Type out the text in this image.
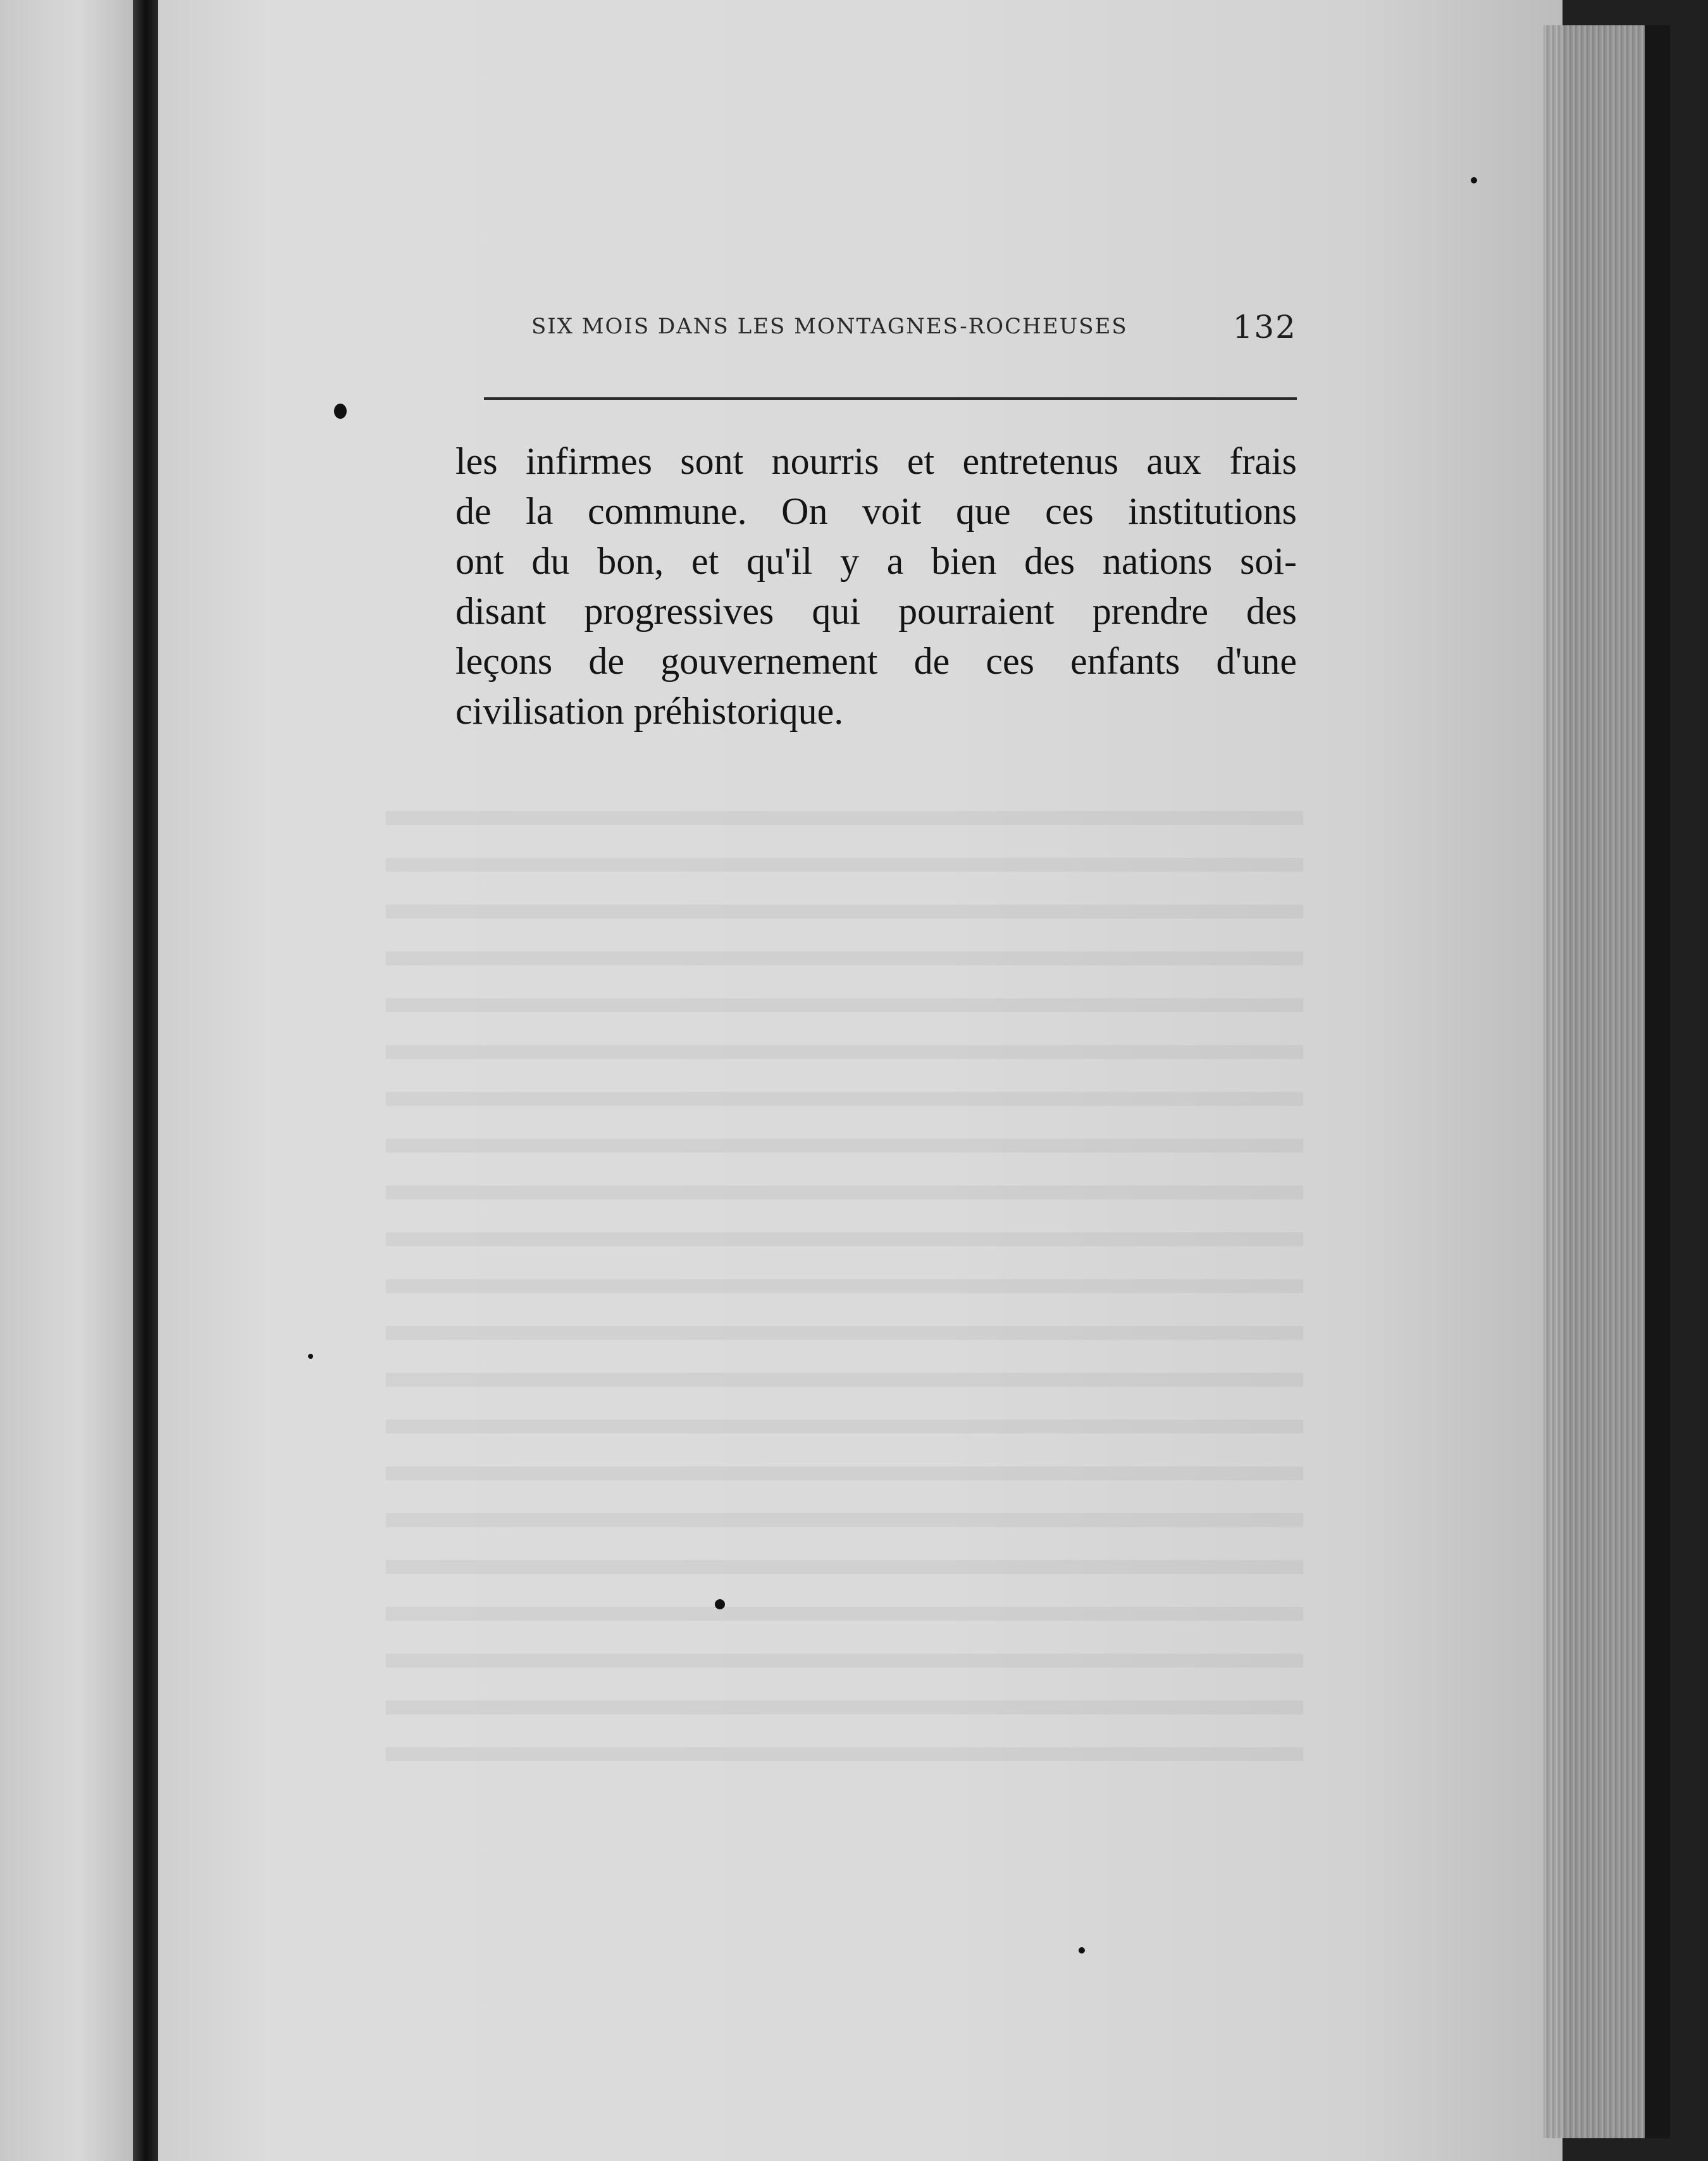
SIX MOIS DANS LES MONTAGNES-ROCHEUSES	132
les infirmes sont nourris et entretenus aux frais
de la commune. On voit que ces institutions
ont du bon, et qu'il y a bien des nations soi-
disant progressives qui pourraient prendre des
leçons de gouvernement de ces enfants d'une
civilisation préhistorique.
